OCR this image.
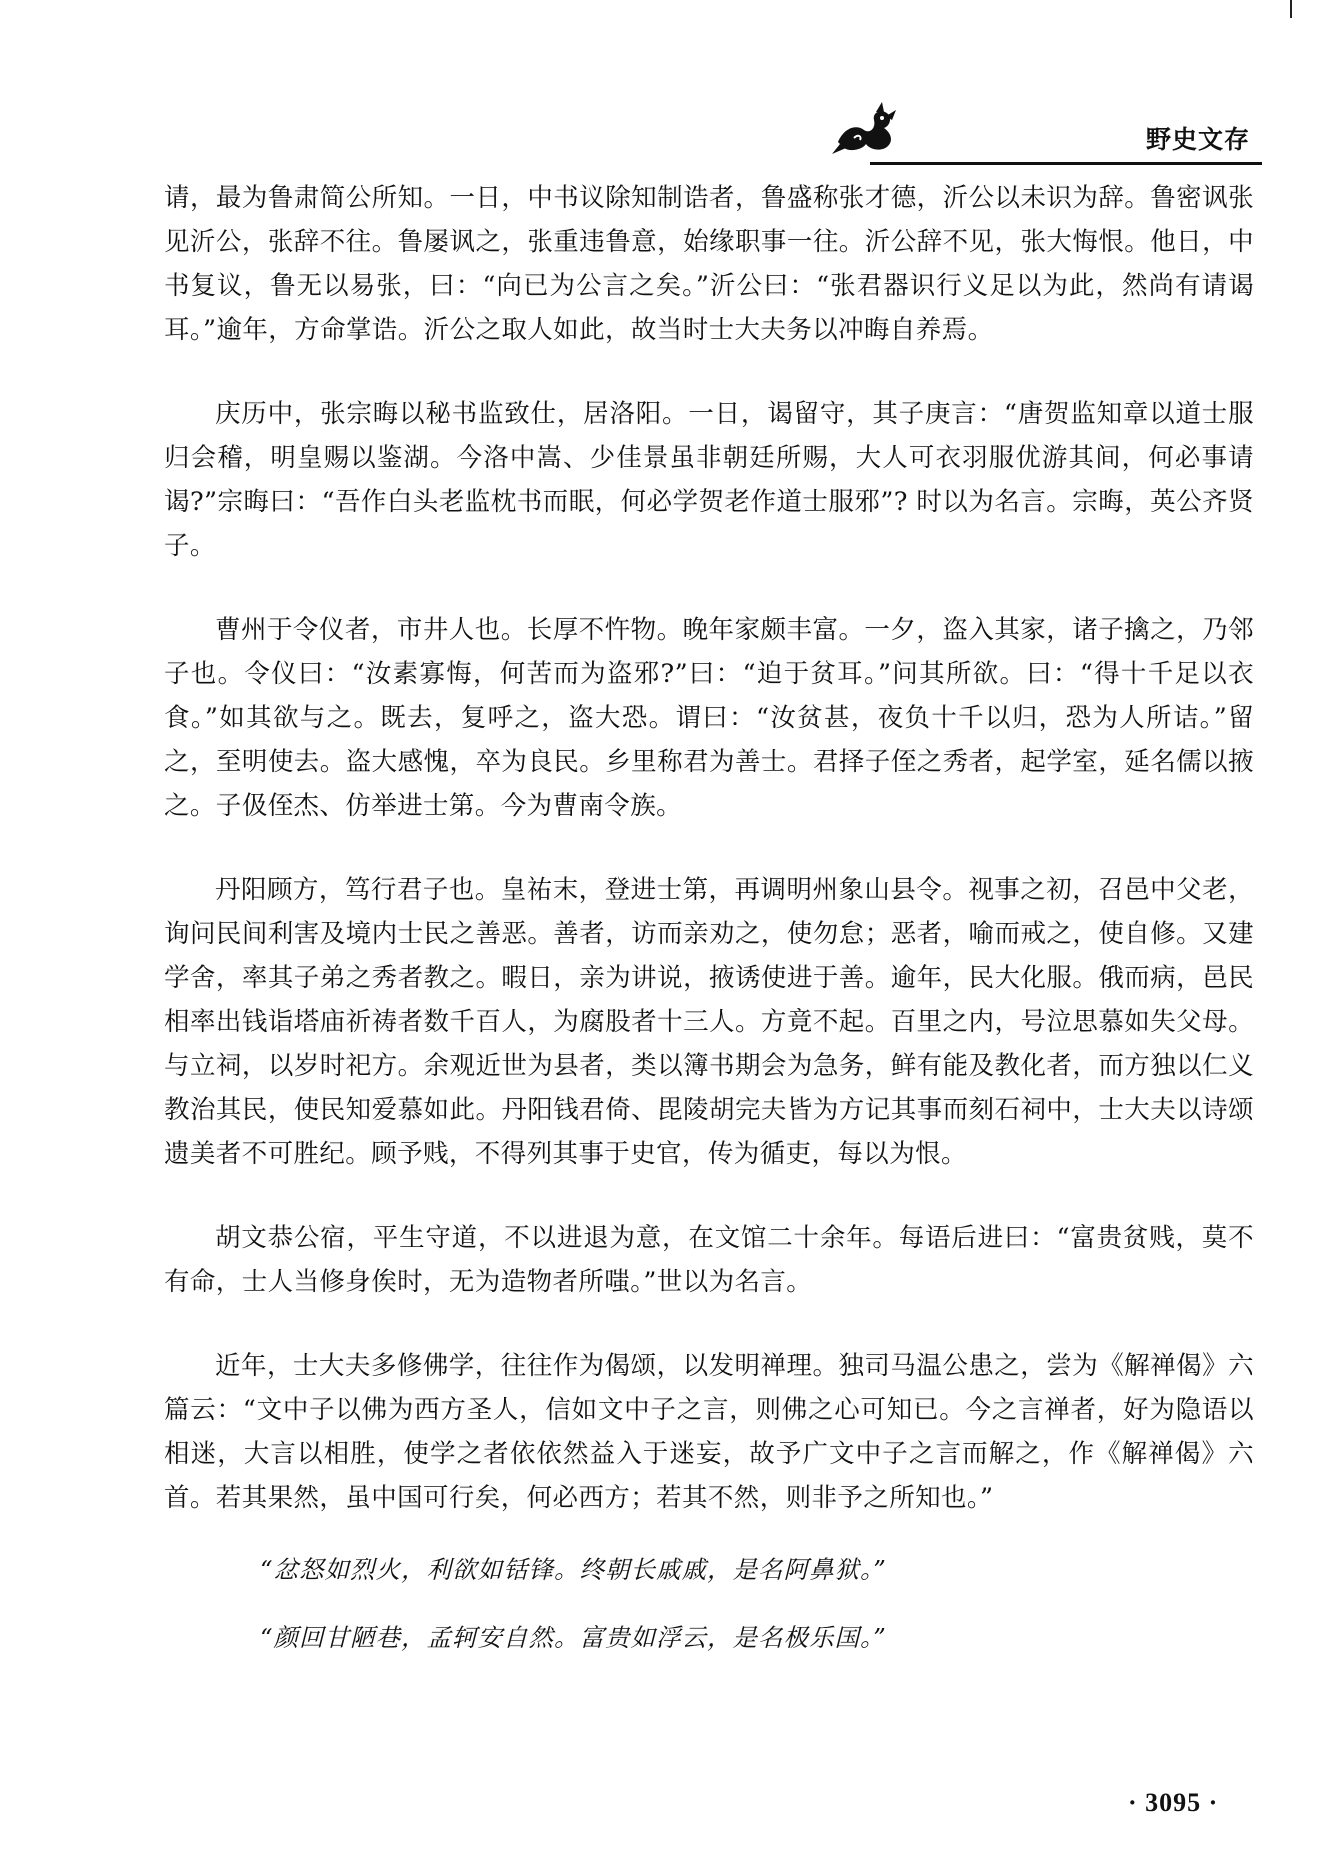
野史文存

请，最为鲁肃简公所知。一日，中书议除知制诰者，鲁盛称张才德，沂公以未识为辞。鲁密讽张见沂公，张辞不往。鲁屡讽之，张重违鲁意，始缘职事一往。沂公辞不见，张大悔恨。他日，中书复议，鲁无以易张，曰：“向已为公言之矣。”沂公曰：“张君器识行义足以为此，然尚有请谒耳。”逾年，方命掌诰。沂公之取人如此，故当时士大夫务以冲晦自养焉。

庆历中，张宗晦以秘书监致仕，居洛阳。一日，谒留守，其子庚言：“唐贺监知章以道士服归会稽，明皇赐以鉴湖。今洛中嵩、少佳景虽非朝廷所赐，大人可衣羽服优游其间，何必事请谒?”宗晦曰：“吾作白头老监枕书而眠，何必学贺老作道士服邪”? 时以为名言。宗晦，英公齐贤子。

曹州于令仪者，市井人也。长厚不忤物。晚年家颇丰富。一夕，盗入其家，诸子擒之，乃邻子也。令仪曰：“汝素寡悔，何苦而为盗邪?”曰：“迫于贫耳。”问其所欲。曰：“得十千足以衣食。”如其欲与之。既去，复呼之，盗大恐。谓曰：“汝贫甚，夜负十千以归，恐为人所诘。”留之，至明使去。盗大感愧，卒为良民。乡里称君为善士。君择子侄之秀者，起学室，延名儒以掖之。子伋侄杰、仿举进士第。今为曹南令族。

丹阳顾方，笃行君子也。皇祐末，登进士第，再调明州象山县令。视事之初，召邑中父老，询问民间利害及境内士民之善恶。善者，访而亲劝之，使勿怠；恶者，喻而戒之，使自修。又建学舍，率其子弟之秀者教之。暇日，亲为讲说，掖诱使进于善。逾年，民大化服。俄而病，邑民相率出钱诣塔庙祈祷者数千百人，为腐股者十三人。方竟不起。百里之内，号泣思慕如失父母。与立祠，以岁时祀方。余观近世为县者，类以簿书期会为急务，鲜有能及教化者，而方独以仁义教治其民，使民知爱慕如此。丹阳钱君倚、毘陵胡完夫皆为方记其事而刻石祠中，士大夫以诗颂遗美者不可胜纪。顾予贱，不得列其事于史官，传为循吏，每以为恨。

胡文恭公宿，平生守道，不以进退为意，在文馆二十余年。每语后进曰：“富贵贫贱，莫不有命，士人当修身俟时，无为造物者所嗤。”世以为名言。

近年，士大夫多修佛学，往往作为偈颂，以发明禅理。独司马温公患之，尝为《解禅偈》六篇云：“文中子以佛为西方圣人，信如文中子之言，则佛之心可知已。今之言禅者，好为隐语以相迷，大言以相胜，使学之者依依然益入于迷妄，故予广文中子之言而解之，作《解禅偈》六首。若其果然，虽中国可行矣，何必西方；若其不然，则非予之所知也。”

“忿怒如烈火，利欲如铦锋。终朝长戚戚，是名阿鼻狱。”

“颜回甘陋巷，孟轲安自然。富贵如浮云，是名极乐国。”

· 3095 ·
